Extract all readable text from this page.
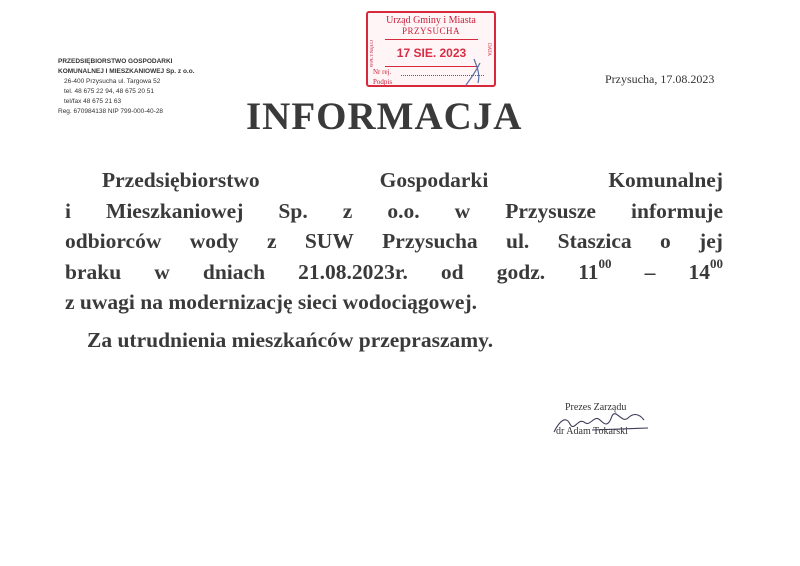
PRZEDSIĘBIORSTWO GOSPODARKI
KOMUNALNEJ I MIESZKANIOWEJ Sp. z o.o.
26-400 Przysucha ul. Targowa 52
tel. 48 675 22 94, 48 675 20 51
tel/fax 48 675 21 63
Reg. 670984138 NIP 799-000-40-28
Urząd Gminy i Miasta
PRZYSUCHA
WPŁYNĘŁO	17 SIE. 2023	DATA
Nr rej.
Podpis	Przysucha, 17.08.2023
INFORMACJA
Przedsiębiorstwo	Gospodarki	Komunalnej
i Mieszkaniowej Sp. z o.o. w Przysusze informuje
odbiorców wody z SUW Przysucha ul. Staszica o jej
braku w dniach 21.08.2023r. od godz. $11^{00} - 14^{00}$
z uwagi na modernizację sieci wodociągowej.
Za utrudnienia mieszkańców przepraszamy.
Prezes Zarządu
dr Adam Tokarski
